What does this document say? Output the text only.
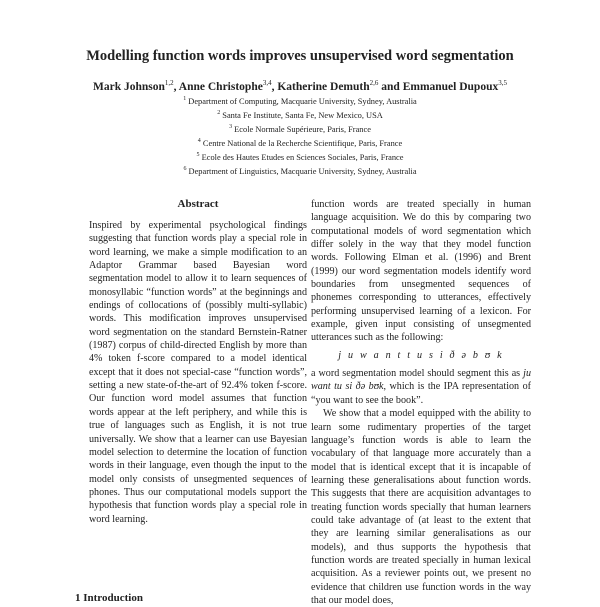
Modelling function words improves unsupervised word segmentation
Mark Johnson$^{1,2}$, Anne Christophe$^{3,4}$, Katherine Demuth$^{2,6}$ and Emmanuel Dupoux$^{3,5}$
$^1$ Department of Computing, Macquarie University, Sydney, Australia
$^2$ Santa Fe Institute, Santa Fe, New Mexico, USA
$^3$ Ecole Normale Supérieure, Paris, France
$^4$ Centre National de la Recherche Scientifique, Paris, France
$^5$ Ecole des Hautes Etudes en Sciences Sociales, Paris, France
$^6$ Department of Linguistics, Macquarie University, Sydney, Australia
Abstract
Inspired by experimental psychological findings suggesting that function words play a special role in word learning, we make a simple modification to an Adaptor Grammar based Bayesian word segmentation model to allow it to learn sequences of monosyllabic “function words” at the beginnings and endings of collocations of (possibly multi-syllabic) words. This modification improves unsupervised word segmentation on the standard Bernstein-Ratner (1987) corpus of child-directed English by more than 4% token f-score compared to a model identical except that it does not special-case “function words”, setting a new state-of-the-art of 92.4% token f-score. Our function word model assumes that function words appear at the left periphery, and while this is true of languages such as English, it is not true universally. We show that a learner can use Bayesian model selection to determine the location of function words in their language, even though the input to the model only consists of unsegmented sequences of phones. Thus our computational models support the hypothesis that function words play a special role in word learning.

function words are treated specially in human language acquisition. We do this by comparing two computational models of word segmentation which differ solely in the way that they model function words. Following Elman et al. (1996) and Brent (1999) our word segmentation models identify word boundaries from unsegmented sequences of phonemes corresponding to utterances, effectively performing unsupervised learning of a lexicon. For example, given input consisting of unsegmented utterances such as the following:

j u w a n t t u s i ð ə b ʊ k

a word segmentation model should segment this as ju want tu si ðə bʊk, which is the IPA representation of “you want to see the book”.

We show that a model equipped with the ability to learn some rudimentary properties of the target language’s function words is able to learn the vocabulary of that language more accurately than a model that is identical except that it is incapable of learning these generalisations about function words. This suggests that there are acquisition advantages to treating function words specially that human learners could take advantage of (at least to the extent that they are learning similar generalisations as our models), and thus supports the hypothesis that function words are treated specially in human lexical acquisition. As a reviewer points out, we present no evidence that children use function words in the way that our model does,

1 Introduction
